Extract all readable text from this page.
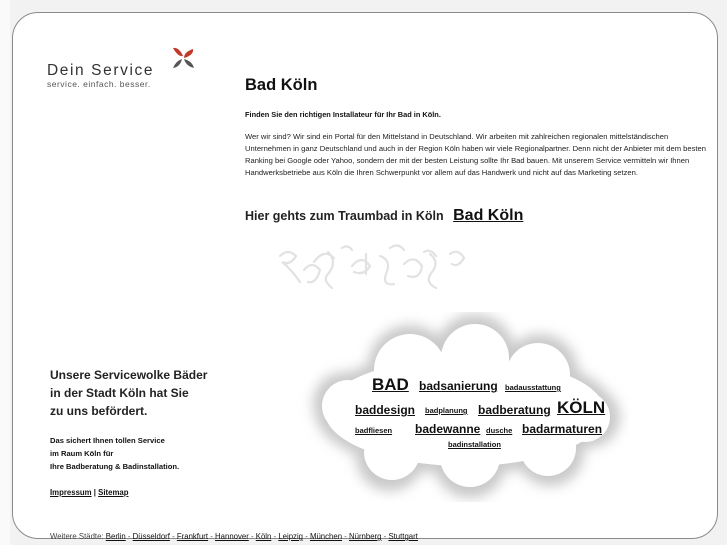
Dein Service
service. einfach. besser.	Bad Köln

Finden Sie den richtigen Installateur für Ihr Bad in Köln.

Wer wir sind? Wir sind ein Portal für den Mittelstand in Deutschland. Wir arbeiten mit zahlreichen regionalen mittelständischen Unternehmen in ganz Deutschland und auch in der Region Köln haben wir viele Regionalpartner. Denn nicht der Anbieter mit dem besten Ranking bei Google oder Yahoo, sondern der mit der besten Leistung sollte Ihr Bad bauen. Mit unserem Service vermitteln wir Ihnen Handwerksbetriebe aus Köln die Ihren Schwerpunkt vor allem auf das Handwerk und nicht auf das Marketing setzen.

Hier gehts zum Traumbad in Köln Bad Köln
Unsere Servicewolke Bäder
in der Stadt Köln hat Sie
zu uns befördert.
Das sichert Ihnen tollen Service
im Raum Köln für
Ihre Badberatung & Badinstallation.
Impressum | Sitemap
BAD badsanierung badausstattung
baddesign badplanung badberatung KÖLN
badfliesen badewanne dusche badarmaturen
badinstallation
Weitere Städte: Berlin - Düsseldorf - Frankfurt - Hannover - Köln - Leipzig - München - Nürnberg - Stuttgart
